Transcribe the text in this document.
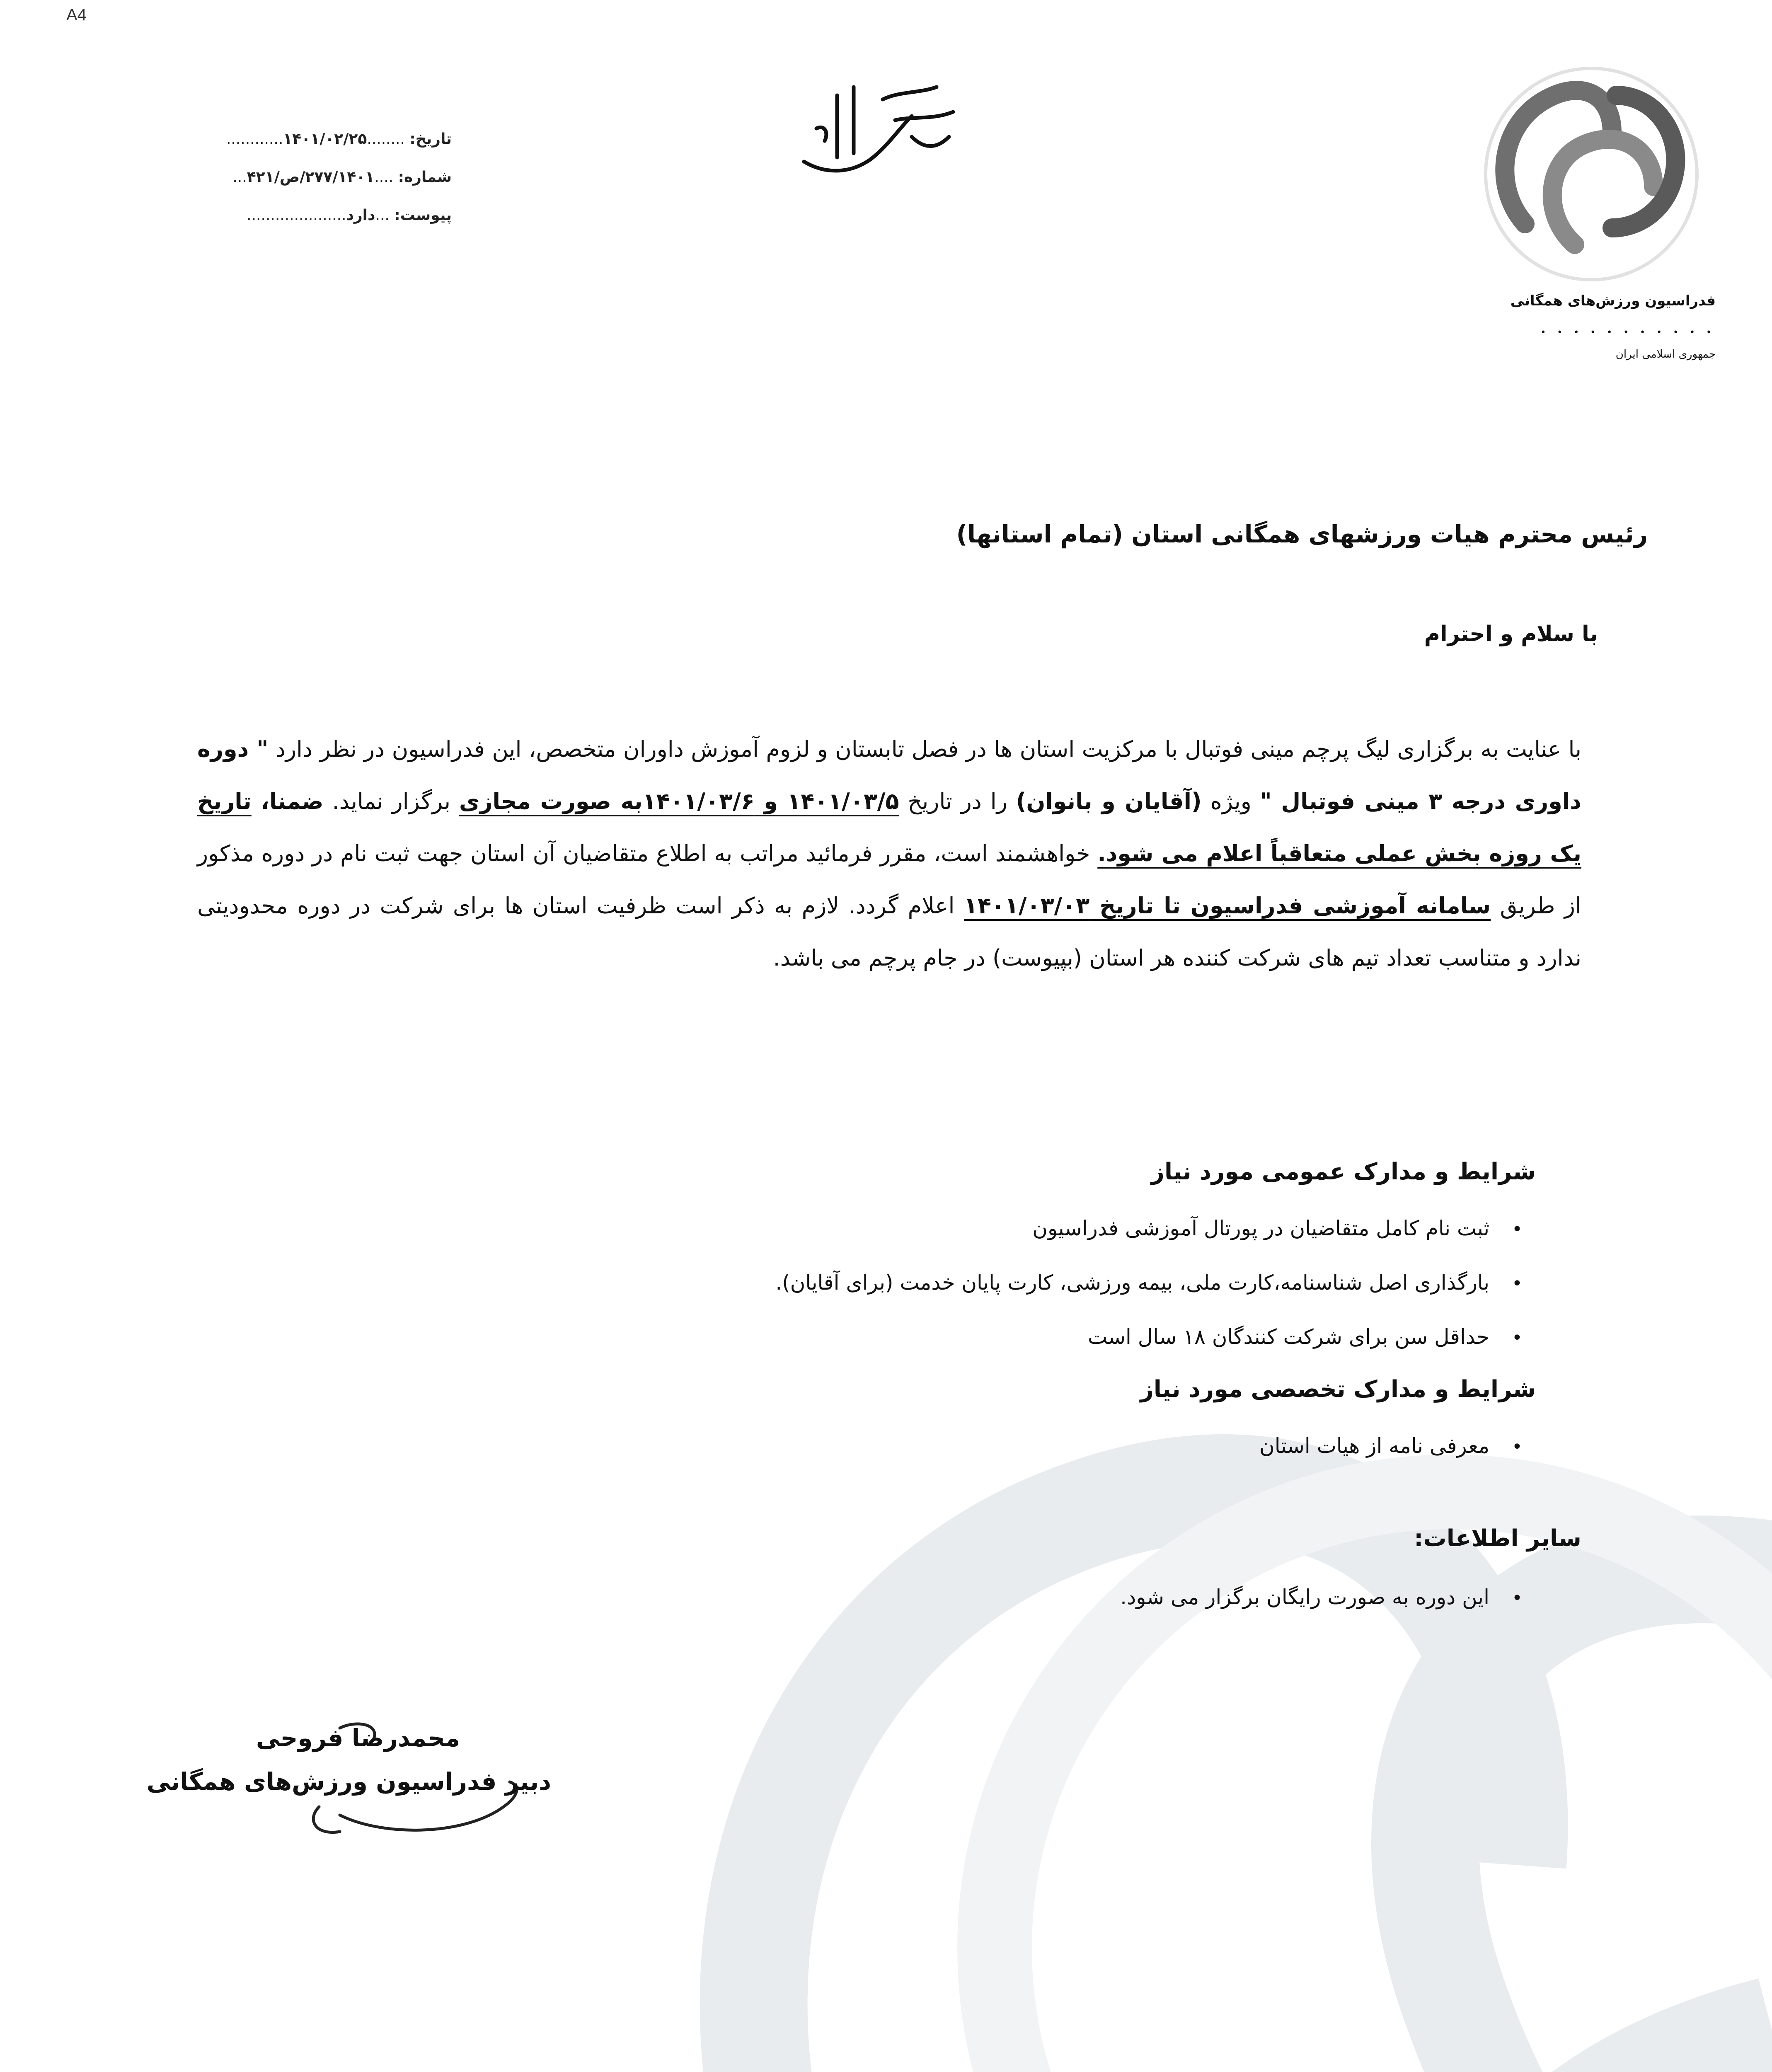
A4
تاریخ: ........۱۴۰۱/۰۲/۲۵............
شماره: ....۲۷۷/۱۴۰۱/ص/۴۲۱...
پیوست: ...دارد.....................
فدراسیون ورزش‌های همگانی
• • • • • • • • • • •
جمهوری اسلامی ایران
رئیس محترم هیات ورزشهای همگانی استان (تمام استانها)
با سلام و احترام
با عنایت به برگزاری لیگ پرچم مینی فوتبال با مرکزیت استان ها در فصل تابستان و لزوم آموزش داوران متخصص، این فدراسیون در نظر دارد " دوره داوری درجه ۳ مینی فوتبال " ویژه (آقایان و بانوان) را در تاریخ ۱۴۰۱/۰۳/۵ و ۱۴۰۱/۰۳/۶به صورت مجازی برگزار نماید. ضمنا، تاریخ یک روزه بخش عملی متعاقباً اعلام می شود. خواهشمند است، مقرر فرمائید مراتب به اطلاع متقاضیان آن استان جهت ثبت نام در دوره مذکور از طریق سامانه آموزشی فدراسیون تا تاریخ ۱۴۰۱/۰۳/۰۳ اعلام گردد. لازم به ذکر است ظرفیت استان ها برای شرکت در دوره محدودیتی ندارد و متناسب تعداد تیم های شرکت کننده هر استان (بپیوست) در جام پرچم می باشد.
شرایط و مدارک عمومی مورد نیاز
•ثبت نام کامل متقاضیان در پورتال آموزشی فدراسیون
•بارگذاری اصل شناسنامه،کارت ملی، بیمه ورزشی، کارت پایان خدمت (برای آقایان).
•حداقل سن برای شرکت کنندگان ۱۸ سال است
شرایط و مدارک تخصصی مورد نیاز
•معرفی نامه از هیات استان
سایر اطلاعات:
•این دوره به صورت رایگان برگزار می شود.
محمدرضا فروحی
دبیر فدراسیون ورزش‌های همگانی
